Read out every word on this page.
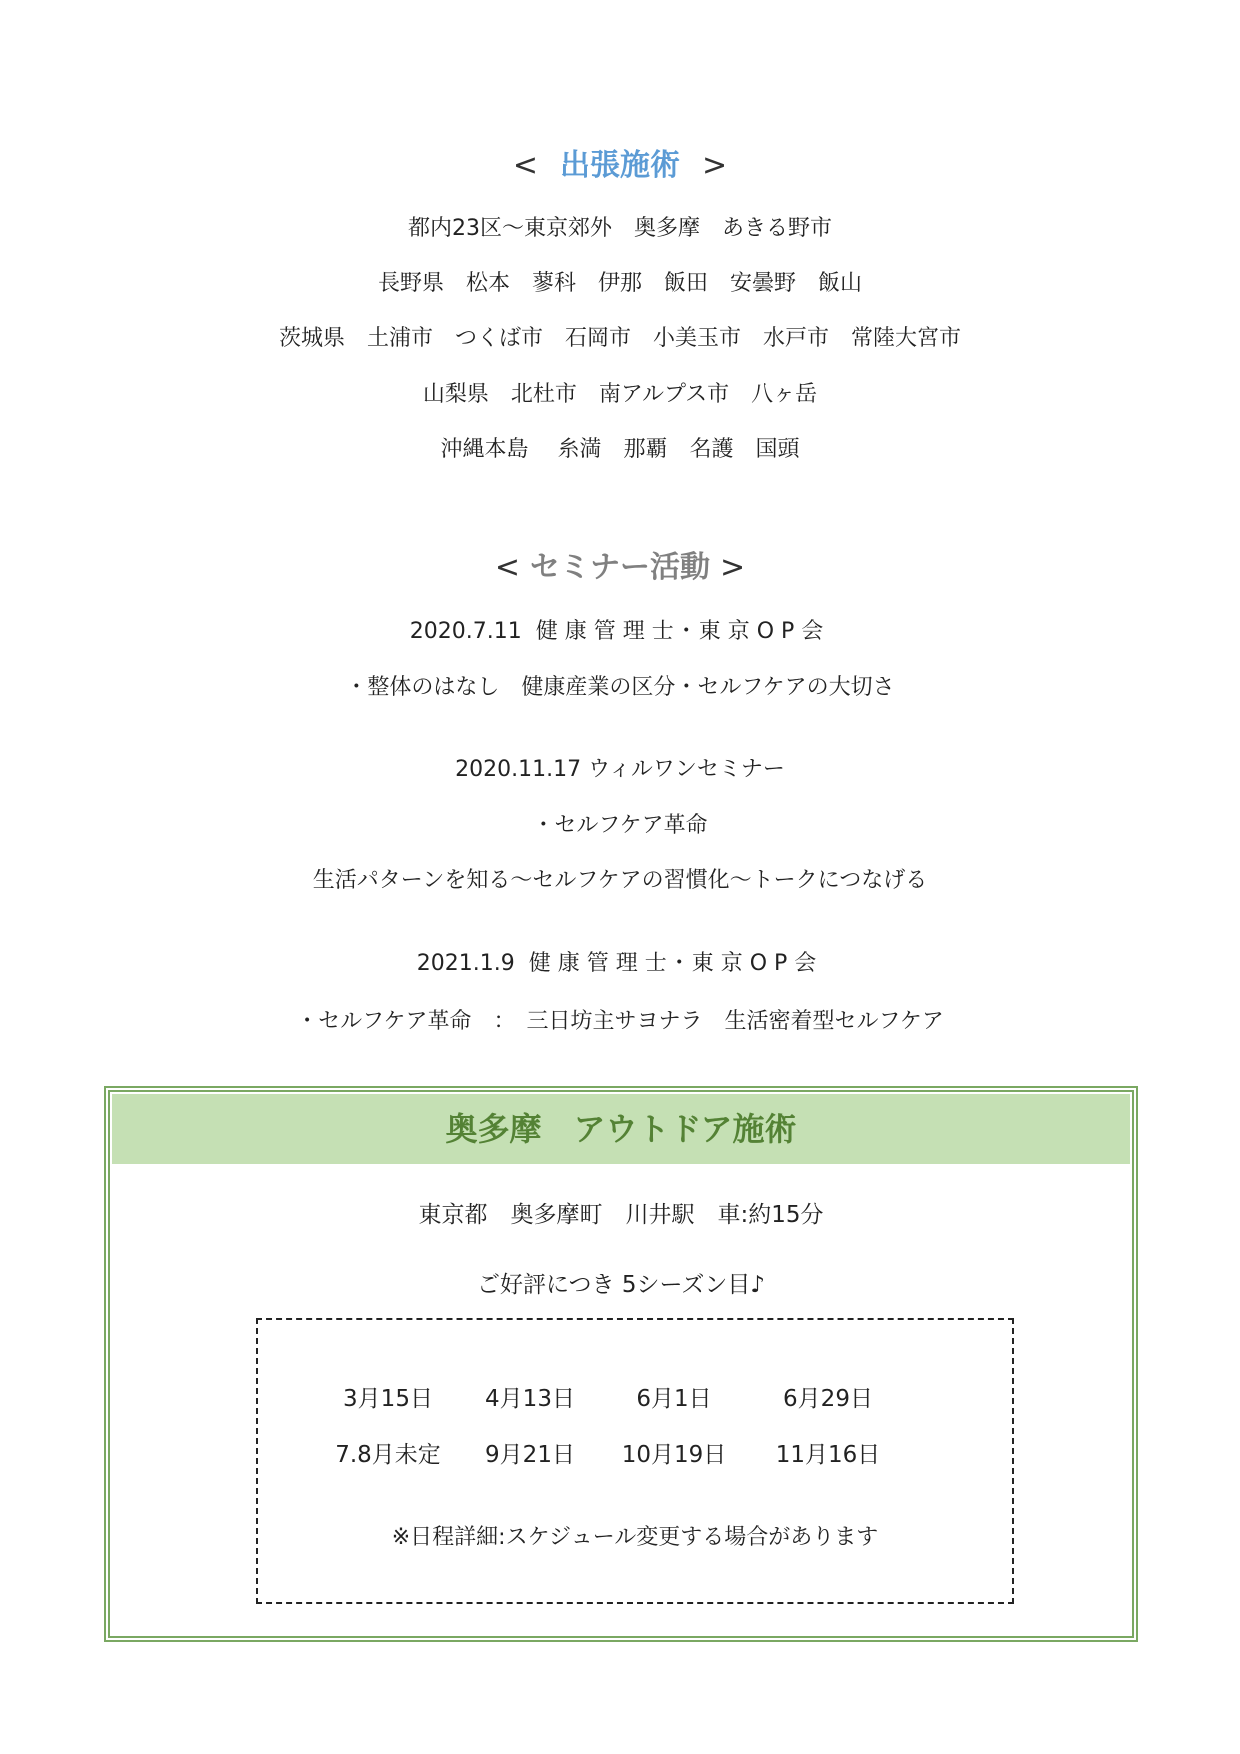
< 出張施術 >
都内23区～東京郊外　奥多摩　あきる野市
長野県　松本　蓼科　伊那　飯田　安曇野　飯山
茨城県　土浦市　つくば市　石岡市　小美玉市　水戸市　常陸大宮市
山梨県　北杜市　南アルプス市　八ヶ岳
沖縄本島　 糸満　那覇　名護　国頭
< セミナー活動 >
2020.7.11 健康管理士･東京OP会
・整体のはなし　健康産業の区分・セルフケアの大切さ
2020.11.17 ウィルワンセミナー
・セルフケア革命
生活パターンを知る～セルフケアの習慣化～トークにつなげる
2021.1.9 健康管理士･東京OP会
・セルフケア革命　：　三日坊主サヨナラ　生活密着型セルフケア
奥多摩　アウトドア施術
東京都　奥多摩町　川井駅　車:約15分
ご好評につき 5シーズン目♪
3月15日 4月13日	6月1日	6月29日
7.8月未定 9月21日 10月19日 11月16日
※日程詳細:スケジュール変更する場合があります
